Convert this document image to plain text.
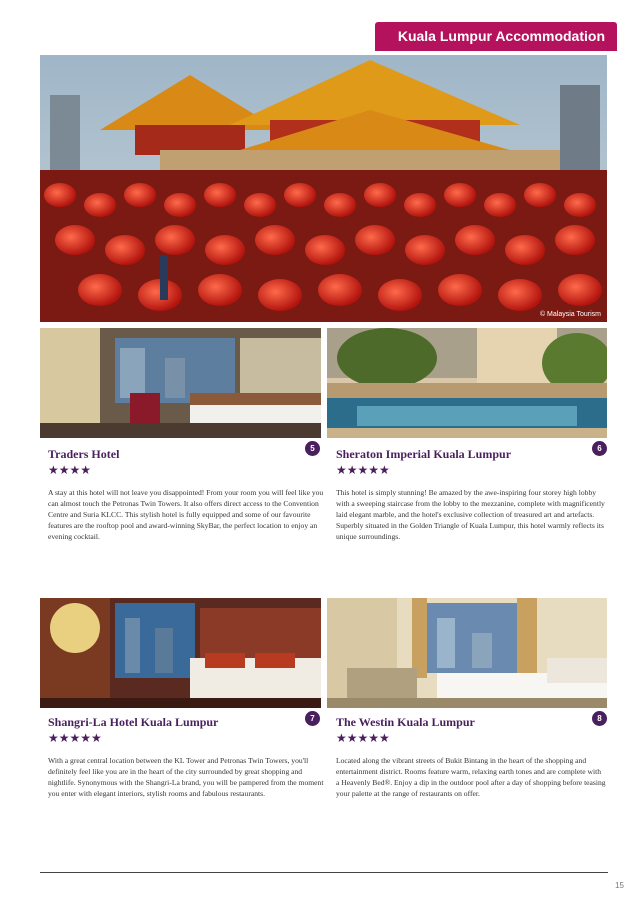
Kuala Lumpur Accommodation
© Malaysia Tourism
Traders Hotel
★★★★
A stay at this hotel will not leave you disappointed! From your room you will feel like you can almost touch the Petronas Twin Towers. It also offers direct access to the Convention Centre and Suria KLCC. This stylish hotel is fully equipped and some of our favourite features are the rooftop pool and award-winning SkyBar, the perfect location to enjoy an evening cocktail.
5	Sheraton Imperial Kuala Lumpur
★★★★★
This hotel is simply stunning! Be amazed by the awe-inspiring four storey high lobby with a sweeping staircase from the lobby to the mezzanine, complete with magnificently laid elegant marble, and the hotel's exclusive collection of treasured art and artefacts. Superbly situated in the Golden Triangle of Kuala Lumpur, this hotel warmly reflects its unique surroundings.
6
Shangri-La Hotel Kuala Lumpur
★★★★★
With a great central location between the KL Tower and Petronas Twin Towers, you'll definitely feel like you are in the heart of the city surrounded by great shopping and nightlife. Synonymous with the Shangri-La brand, you will be pampered from the moment you enter with elegant interiors, stylish rooms and fabulous restaurants.
7	The Westin Kuala Lumpur
★★★★★
Located along the vibrant streets of Bukit Bintang in the heart of the shopping and entertainment district. Rooms feature warm, relaxing earth tones and are complete with a Heavenly Bed®. Enjoy a dip in the outdoor pool after a day of shopping before teasing your palette at the range of restaurants on offer.
8
15
